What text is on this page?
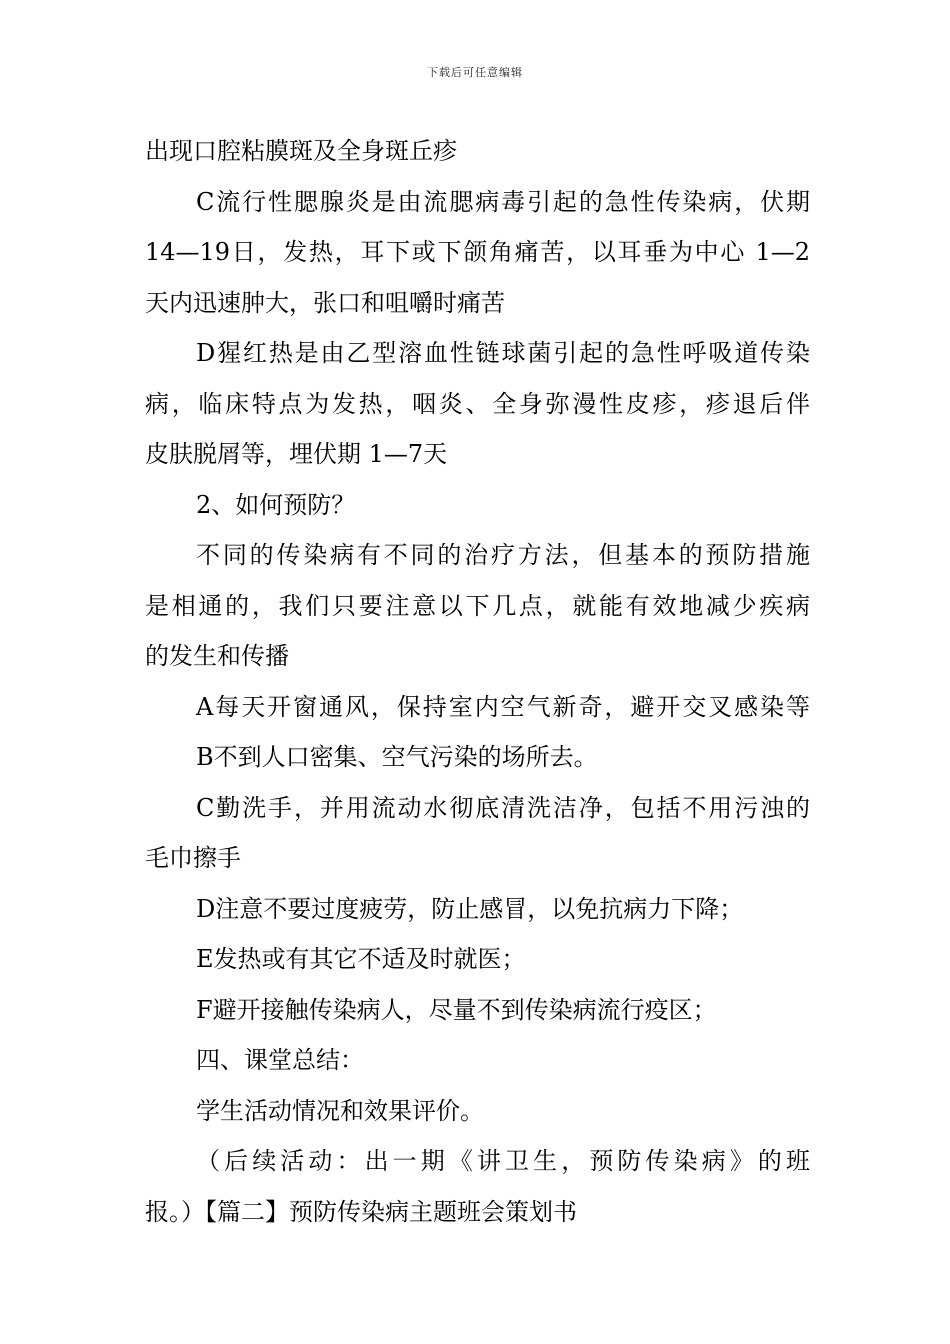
下载后可任意编辑
出现口腔粘膜斑及全身斑丘疹
C流行性腮腺炎是由流腮病毒引起的急性传染病，伏期
14—19日，发热，耳下或下颌角痛苦，以耳垂为中心 1—2
天内迅速肿大，张口和咀嚼时痛苦
D猩红热是由乙型溶血性链球菌引起的急性呼吸道传染
病，临床特点为发热，咽炎、全身弥漫性皮疹，疹退后伴
皮肤脱屑等，埋伏期 1—7天
2、如何预防？
不同的传染病有不同的治疗方法，但基本的预防措施
是相通的，我们只要注意以下几点，就能有效地减少疾病
的发生和传播
A每天开窗通风，保持室内空气新奇，避开交叉感染等
B不到人口密集、空气污染的场所去。
C勤洗手，并用流动水彻底清洗洁净，包括不用污浊的
毛巾擦手
D注意不要过度疲劳，防止感冒，以免抗病力下降；
E发热或有其它不适及时就医；
F避开接触传染病人，尽量不到传染病流行疫区；
四、课堂总结：
学生活动情况和效果评价。
（后续活动：出一期《讲卫生，预防传染病》的班
报。）【篇二】预防传染病主题班会策划书
